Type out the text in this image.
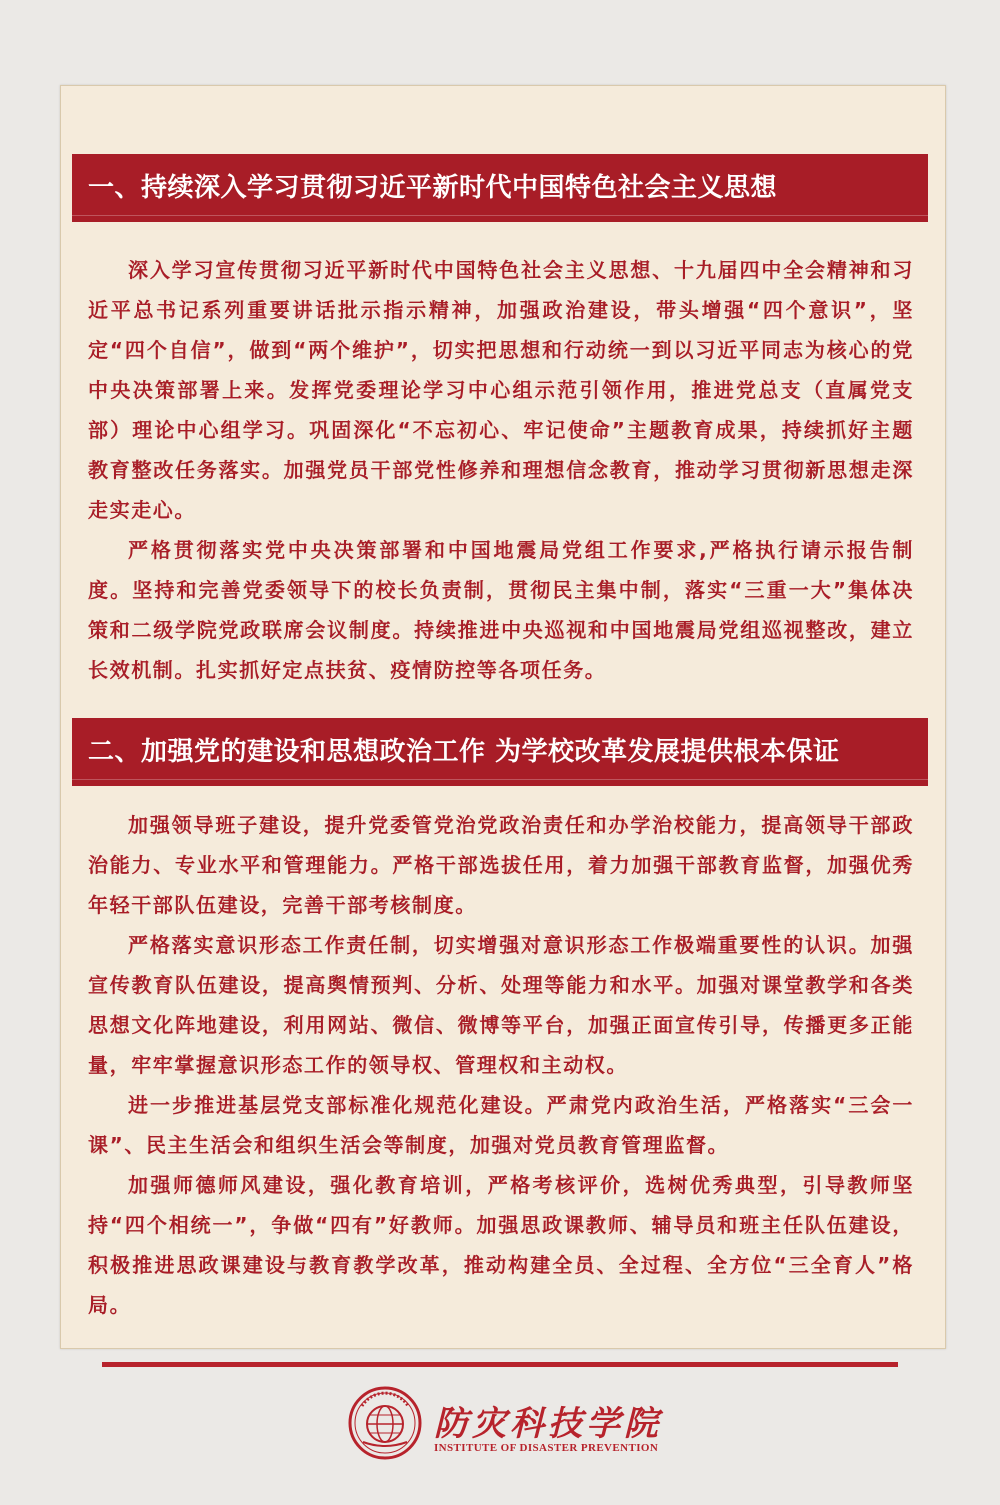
一、持续深入学习贯彻习近平新时代中国特色社会主义思想

深入学习宣传贯彻习近平新时代中国特色社会主义思想、十九届四中全会精神和习近平总书记系列重要讲话批示指示精神，加强政治建设，带头增强“四个意识”，坚定“四个自信”，做到“两个维护”，切实把思想和行动统一到以习近平同志为核心的党中央决策部署上来。发挥党委理论学习中心组示范引领作用，推进党总支（直属党支部）理论中心组学习。巩固深化“不忘初心、牢记使命”主题教育成果，持续抓好主题教育整改任务落实。加强党员干部党性修养和理想信念教育，推动学习贯彻新思想走深走实走心。

严格贯彻落实党中央决策部署和中国地震局党组工作要求,严格执行请示报告制度。坚持和完善党委领导下的校长负责制，贯彻民主集中制，落实“三重一大”集体决策和二级学院党政联席会议制度。持续推进中央巡视和中国地震局党组巡视整改，建立长效机制。扎实抓好定点扶贫、疫情防控等各项任务。

二、加强党的建设和思想政治工作 为学校改革发展提供根本保证

加强领导班子建设，提升党委管党治党政治责任和办学治校能力，提高领导干部政治能力、专业水平和管理能力。严格干部选拔任用，着力加强干部教育监督，加强优秀年轻干部队伍建设，完善干部考核制度。

严格落实意识形态工作责任制，切实增强对意识形态工作极端重要性的认识。加强宣传教育队伍建设，提高舆情预判、分析、处理等能力和水平。加强对课堂教学和各类思想文化阵地建设，利用网站、微信、微博等平台，加强正面宣传引导，传播更多正能量，牢牢掌握意识形态工作的领导权、管理权和主动权。

进一步推进基层党支部标准化规范化建设。严肃党内政治生活，严格落实“三会一课”、民主生活会和组织生活会等制度，加强对党员教育管理监督。

加强师德师风建设，强化教育培训，严格考核评价，选树优秀典型，引导教师坚持“四个相统一”，争做“四有”好教师。加强思政课教师、辅导员和班主任队伍建设，积极推进思政课建设与教育教学改革，推动构建全员、全过程、全方位“三全育人”格局。

防灾科技学院
INSTITUTE OF DISASTER PREVENTION
